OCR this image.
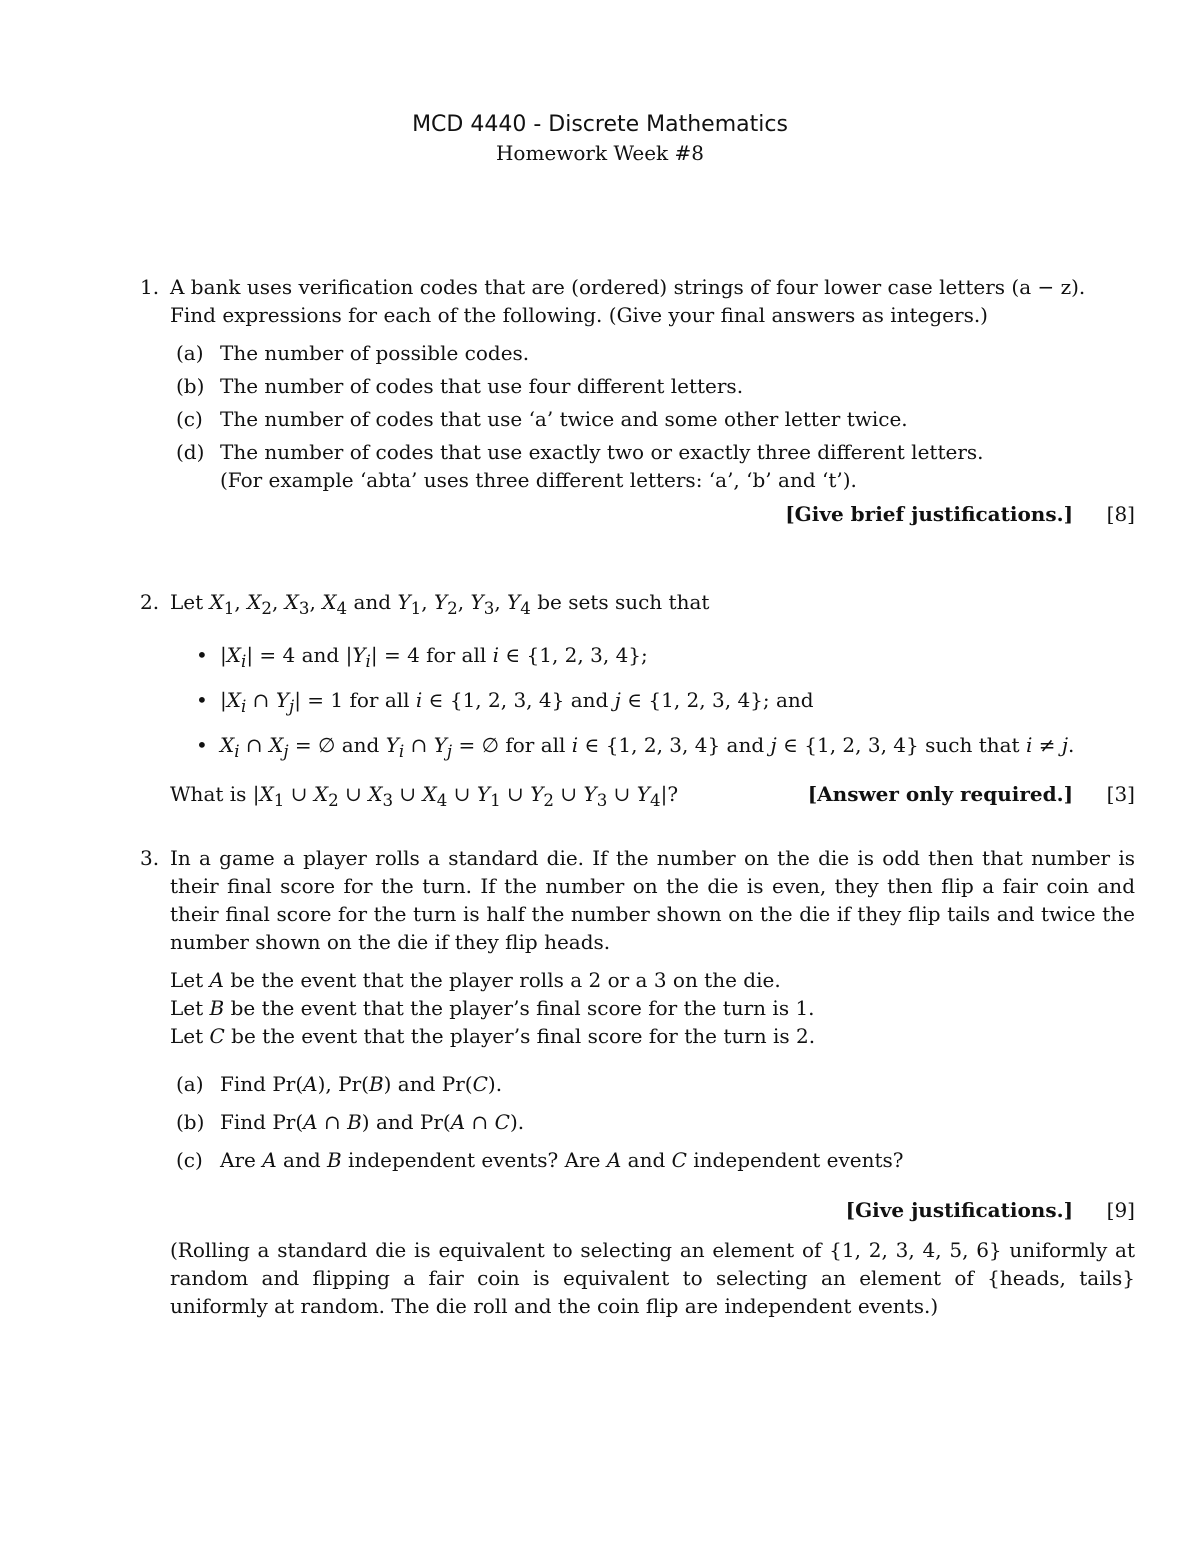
MCD 4440 - Discrete Mathematics
Homework Week #8
1. A bank uses verification codes that are (ordered) strings of four lower case letters (a − z).
Find expressions for each of the following. (Give your final answers as integers.)
(a) The number of possible codes.
(b) The number of codes that use four different letters.
(c) The number of codes that use ‘a’ twice and some other letter twice.
(d) The number of codes that use exactly two or exactly three different letters.
(For example ‘abta’ uses three different letters: ‘a’, ‘b’ and ‘t’).
[Give brief justifications.] [8]
2. Let $X_1$, $X_2$, $X_3$, $X_4$ and $Y_1$, $Y_2$, $Y_3$, $Y_4$ be sets such that
• $|X_i| = 4$ and $|Y_i| = 4$ for all i ∈ {1, 2, 3, 4};
• $|X_i$ ∩ $Y_j| = 1$ for all i ∈ {1, 2, 3, 4} and j ∈ {1, 2, 3, 4}; and
• $X_i$ ∩ $X_j$ = ∅ and $Y_i$ ∩ $Y_j$ = ∅ for all i ∈ {1, 2, 3, 4} and j ∈ {1, 2, 3, 4} such that i ≠ j.
What is $|X_1$ ∪ $X_2$ ∪ $X_3$ ∪ $X_4$ ∪ $Y_1$ ∪ $Y_2$ ∪ $Y_3$ ∪ $Y_4|$?	[Answer only required.] [3]
3. In a game a player rolls a standard die. If the number on the die is odd then that number is their final score for the turn. If the number on the die is even, they then flip a fair coin and their final score for the turn is half the number shown on the die if they flip tails and twice the number shown on the die if they flip heads.
Let A be the event that the player rolls a 2 or a 3 on the die.
Let B be the event that the player’s final score for the turn is 1.
Let C be the event that the player’s final score for the turn is 2.
(a) Find Pr(A), Pr(B) and Pr(C).
(b) Find Pr(A ∩ B) and Pr(A ∩ C).
(c) Are A and B independent events? Are A and C independent events?
[Give justifications.] [9]
(Rolling a standard die is equivalent to selecting an element of {1, 2, 3, 4, 5, 6} uniformly at random and flipping a fair coin is equivalent to selecting an element of {heads, tails} uniformly at random. The die roll and the coin flip are independent events.)
